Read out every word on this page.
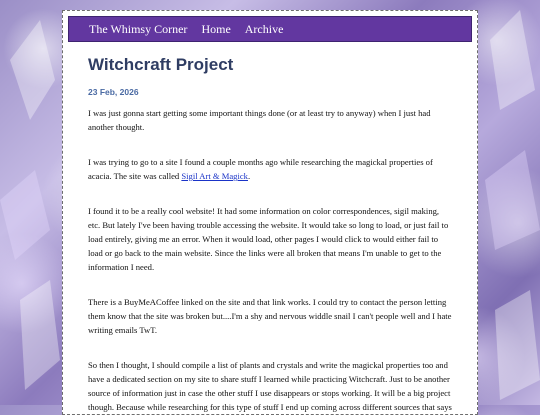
The Whimsy Corner Home Archive
Witchcraft Project
23 Feb, 2026

I was just gonna start getting some important things done (or at least try to anyway) when I just had another thought.

I was trying to go to a site I found a couple months ago while researching the magickal properties of acacia. The site was called Sigil Art & Magick.

I found it to be a really cool website! It had some information on color correspondences, sigil making, etc. But lately I've been having trouble accessing the website. It would take so long to load, or just fail to load entirely, giving me an error. When it would load, other pages I would click to would either fail to load or go back to the main website. Since the links were all broken that means I'm unable to get to the information I need.

There is a BuyMeACoffee linked on the site and that link works. I could try to contact the person letting them know that the site was broken but....I'm a shy and nervous widdle snail I can't people well and I hate writing emails TwT.

So then I thought, I should compile a list of plants and crystals and write the magickal properties too and have a dedicated section on my site to share stuff I learned while practicing Witchcraft. Just to be another source of information just in case the other stuff I use disappears or stops working. It will be a big project though. Because while researching for this type of stuff I end up coming across different sources that says
